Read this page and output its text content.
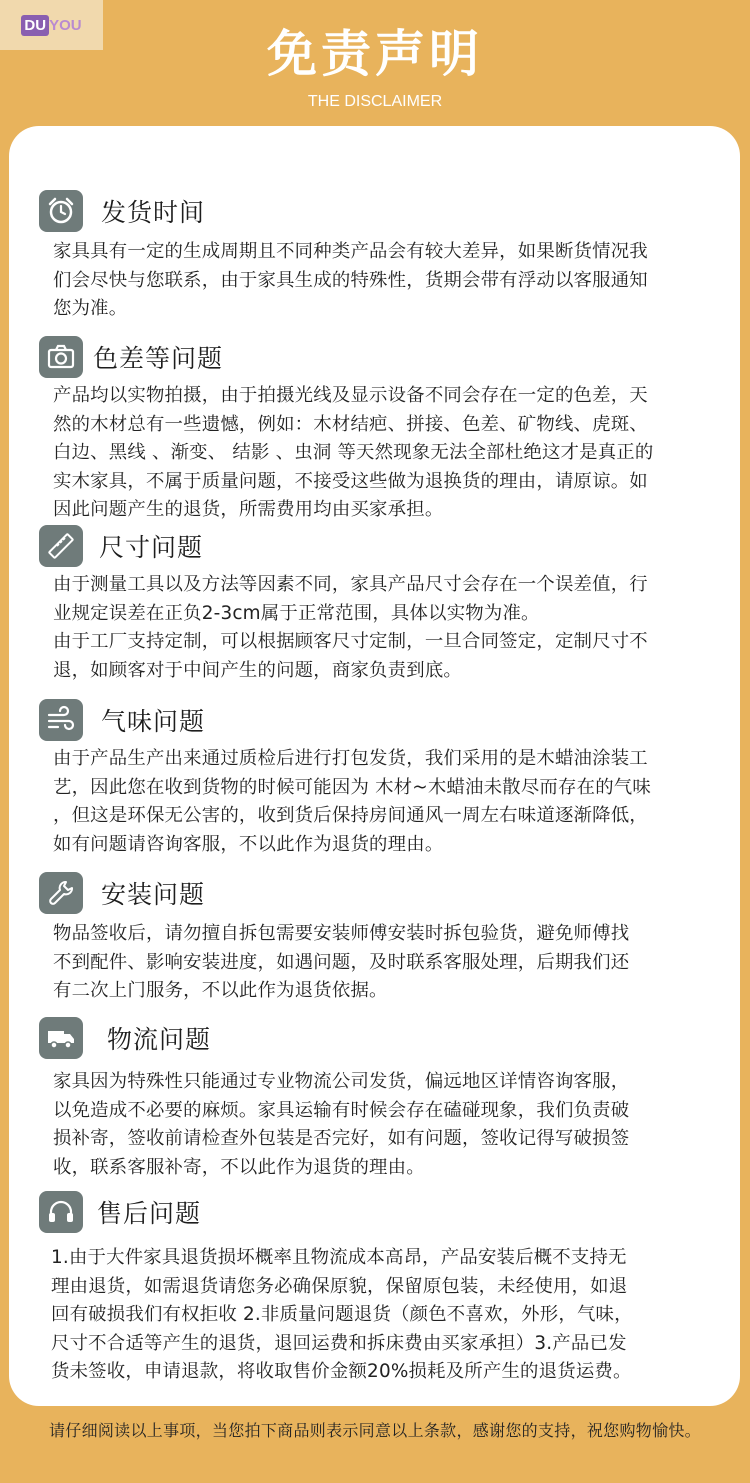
DU YOU	免责声明
THE DISCLAIMER
发货时间

家具具有一定的生成周期且不同种类产品会有较大差异，如果断货情况我

们会尽快与您联系，由于家具生成的特殊性，货期会带有浮动以客服通知

您为准。

色差等问题

产品均以实物拍摄，由于拍摄光线及显示设备不同会存在一定的色差，天

然的木材总有一些遗憾，例如：木材结疤、拼接、色差、矿物线、虎斑、

白边、黑线 、渐变、 结影 、虫洞 等天然现象无法全部杜绝这才是真正的

实木家具，不属于质量问题，不接受这些做为退换货的理由，请原谅。如

因此问题产生的退货，所需费用均由买家承担。

尺寸问题

由于测量工具以及方法等因素不同，家具产品尺寸会存在一个误差值，行

业规定误差在正负2-3cm属于正常范围，具体以实物为准。

由于工厂支持定制，可以根据顾客尺寸定制，一旦合同签定，定制尺寸不

退，如顾客对于中间产生的问题，商家负责到底。

气味问题

由于产品生产出来通过质检后进行打包发货，我们采用的是木蜡油涂装工

艺，因此您在收到货物的时候可能因为 木材~木蜡油未散尽而存在的气味

，但这是环保无公害的，收到货后保持房间通风一周左右味道逐渐降低，

如有问题请咨询客服，不以此作为退货的理由。

安装问题

物品签收后，请勿擅自拆包需要安装师傅安装时拆包验货，避免师傅找

不到配件、影响安装进度，如遇问题，及时联系客服处理，后期我们还

有二次上门服务，不以此作为退货依据。

物流问题

家具因为特殊性只能通过专业物流公司发货，偏远地区详情咨询客服，

以免造成不必要的麻烦。家具运输有时候会存在磕碰现象，我们负责破

损补寄，签收前请检查外包装是否完好，如有问题，签收记得写破损签

收，联系客服补寄，不以此作为退货的理由。

售后问题

1.由于大件家具退货损坏概率且物流成本高昂，产品安装后概不支持无

理由退货，如需退货请您务必确保原貌，保留原包装，未经使用，如退

回有破损我们有权拒收 2.非质量问题退货（颜色不喜欢，外形，气味，

尺寸不合适等产生的退货，退回运费和拆床费由买家承担）3.产品已发

货未签收，申请退款，将收取售价金额20%损耗及所产生的退货运费。

请仔细阅读以上事项，当您拍下商品则表示同意以上条款，感谢您的支持，祝您购物愉快。
